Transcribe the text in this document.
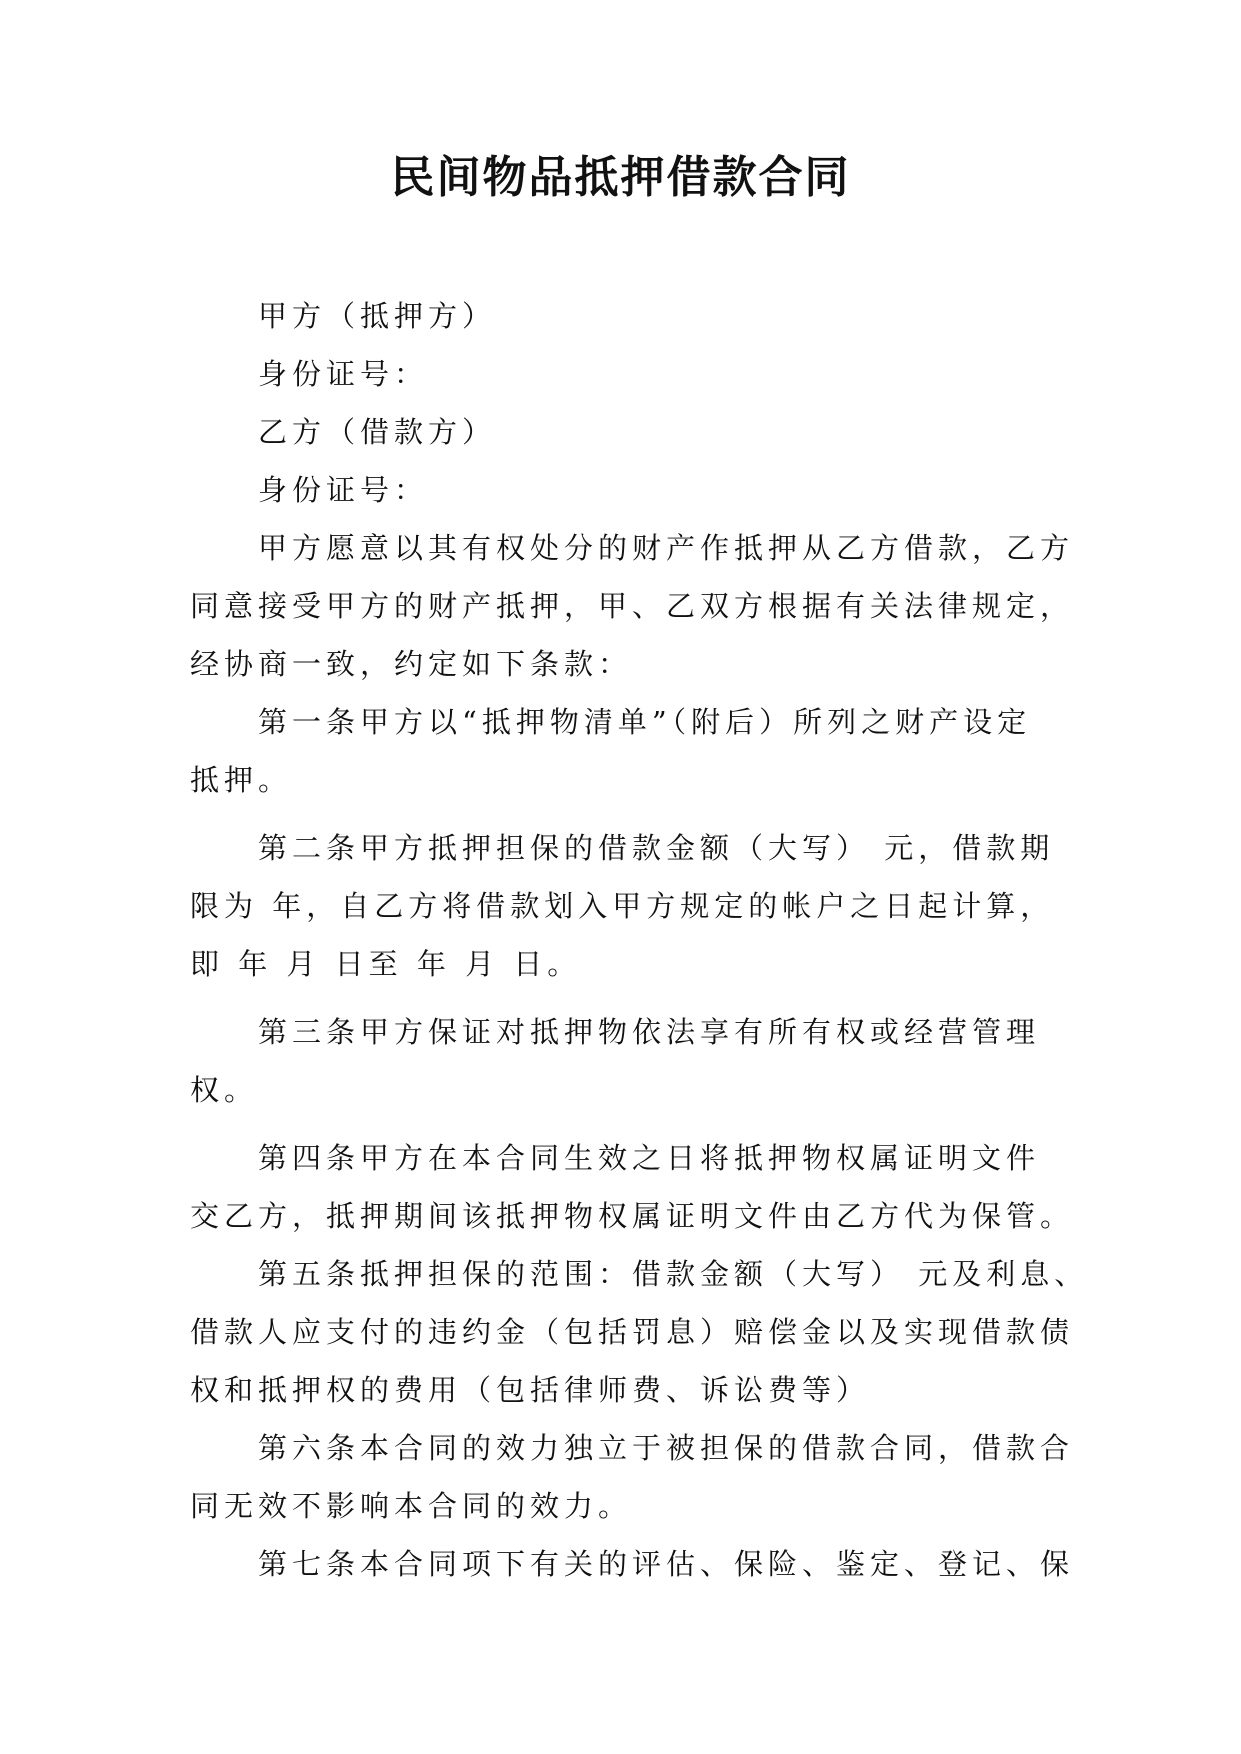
民间物品抵押借款合同

甲方（抵押方）

身份证号：

乙方（借款方）

身份证号：

甲方愿意以其有权处分的财产作抵押从乙方借款，乙方

同意接受甲方的财产抵押，甲、乙双方根据有关法律规定，

经协商一致，约定如下条款：

第一条甲方以“抵押物清单”（附后）所列之财产设定

抵押。

第二条甲方抵押担保的借款金额（大写） 元，借款期

限为 年，自乙方将借款划入甲方规定的帐户之日起计算，

即 年 月 日至 年 月 日。

第三条甲方保证对抵押物依法享有所有权或经营管理

权。

第四条甲方在本合同生效之日将抵押物权属证明文件

交乙方，抵押期间该抵押物权属证明文件由乙方代为保管。

第五条抵押担保的范围：借款金额（大写） 元及利息、

借款人应支付的违约金（包括罚息）赔偿金以及实现借款债

权和抵押权的费用（包括律师费、诉讼费等）

第六条本合同的效力独立于被担保的借款合同，借款合

同无效不影响本合同的效力。

第七条本合同项下有关的评估、保险、鉴定、登记、保
